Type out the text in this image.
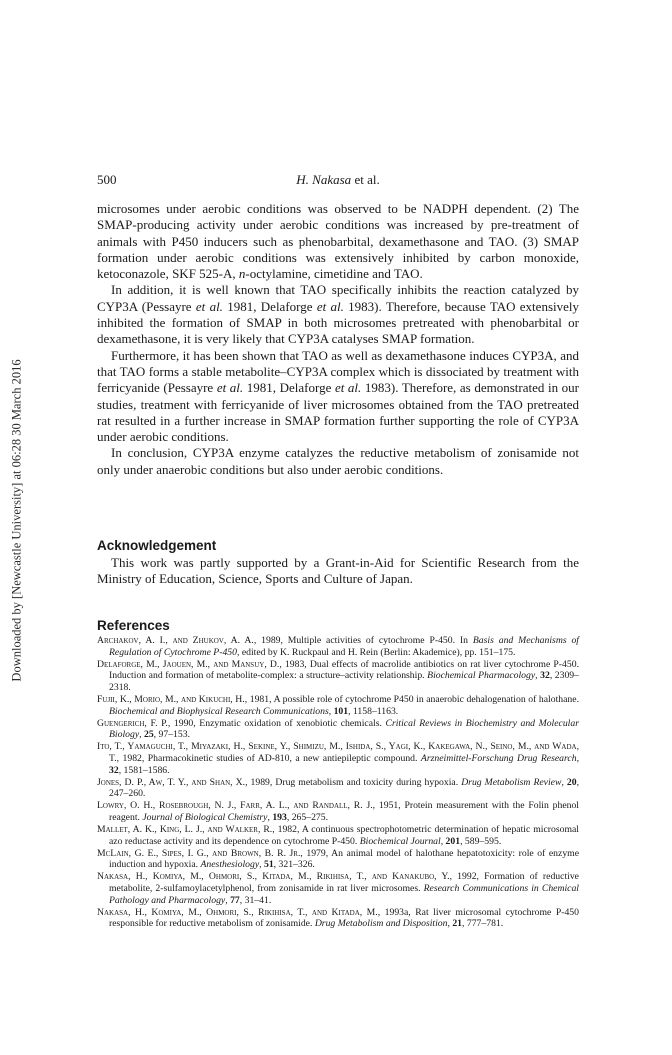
Downloaded by [Newcastle University] at 06:28 30 March 2016
500	H. Nakasa et al.

microsomes under aerobic conditions was observed to be NADPH dependent. (2) The SMAP-producing activity under aerobic conditions was increased by pre-treatment of animals with P450 inducers such as phenobarbital, dexamethasone and TAO. (3) SMAP formation under aerobic conditions was extensively inhibited by carbon monoxide, ketoconazole, SKF 525-A, n-octylamine, cimetidine and TAO.

In addition, it is well known that TAO specifically inhibits the reaction catalyzed by CYP3A (Pessayre et al. 1981, Delaforge et al. 1983). Therefore, because TAO extensively inhibited the formation of SMAP in both microsomes pretreated with phenobarbital or dexamethasone, it is very likely that CYP3A catalyses SMAP formation.

Furthermore, it has been shown that TAO as well as dexamethasone induces CYP3A, and that TAO forms a stable metabolite–CYP3A complex which is dissociated by treatment with ferricyanide (Pessayre et al. 1981, Delaforge et al. 1983). Therefore, as demonstrated in our studies, treatment with ferricyanide of liver microsomes obtained from the TAO pretreated rat resulted in a further increase in SMAP formation further supporting the role of CYP3A under aerobic conditions.

In conclusion, CYP3A enzyme catalyzes the reductive metabolism of zonisamide not only under anaerobic conditions but also under aerobic conditions.

Acknowledgement

This work was partly supported by a Grant-in-Aid for Scientific Research from the Ministry of Education, Science, Sports and Culture of Japan.

References

Archakov, A. I., and Zhukov, A. A., 1989, Multiple activities of cytochrome P-450. In Basis and Mechanisms of Regulation of Cytochrome P-450, edited by K. Ruckpaul and H. Rein (Berlin: Akademice), pp. 151–175.

Delaforge, M., Jaouen, M., and Mansuy, D., 1983, Dual effects of macrolide antibiotics on rat liver cytochrome P-450. Induction and formation of metabolite-complex: a structure–activity relationship. Biochemical Pharmacology, 32, 2309–2318.

Fujii, K., Morio, M., and Kikuchi, H., 1981, A possible role of cytochrome P450 in anaerobic dehalogenation of halothane. Biochemical and Biophysical Research Communications, 101, 1158–1163.

Guengerich, F. P., 1990, Enzymatic oxidation of xenobiotic chemicals. Critical Reviews in Biochemistry and Molecular Biology, 25, 97–153.

Ito, T., Yamaguchi, T., Miyazaki, H., Sekine, Y., Shimizu, M., Ishida, S., Yagi, K., Kakegawa, N., Seino, M., and Wada, T., 1982, Pharmacokinetic studies of AD-810, a new antiepileptic compound. Arzneimittel-Forschung Drug Research, 32, 1581–1586.

Jones, D. P., Aw, T. Y., and Shan, X., 1989, Drug metabolism and toxicity during hypoxia. Drug Metabolism Review, 20, 247–260.

Lowry, O. H., Rosebrough, N. J., Farr, A. L., and Randall, R. J., 1951, Protein measurement with the Folin phenol reagent. Journal of Biological Chemistry, 193, 265–275.

Mallet, A. K., King, L. J., and Walker, R., 1982, A continuous spectrophotometric determination of hepatic microsomal azo reductase activity and its dependence on cytochrome P-450. Biochemical Journal, 201, 589–595.

McLain, G. E., Sipes, I. G., and Brown, B. R. Jr., 1979, An animal model of halothane hepatotoxicity: role of enzyme induction and hypoxia. Anesthesiology, 51, 321–326.

Nakasa, H., Komiya, M., Ohmori, S., Kitada, M., Rikihisa, T., and Kanakubo, Y., 1992, Formation of reductive metabolite, 2-sulfamoylacetylphenol, from zonisamide in rat liver microsomes. Research Communications in Chemical Pathology and Pharmacology, 77, 31–41.

Nakasa, H., Komiya, M., Ohmori, S., Rikihisa, T., and Kitada, M., 1993a, Rat liver microsomal cytochrome P-450 responsible for reductive metabolism of zonisamide. Drug Metabolism and Disposition, 21, 777–781.
